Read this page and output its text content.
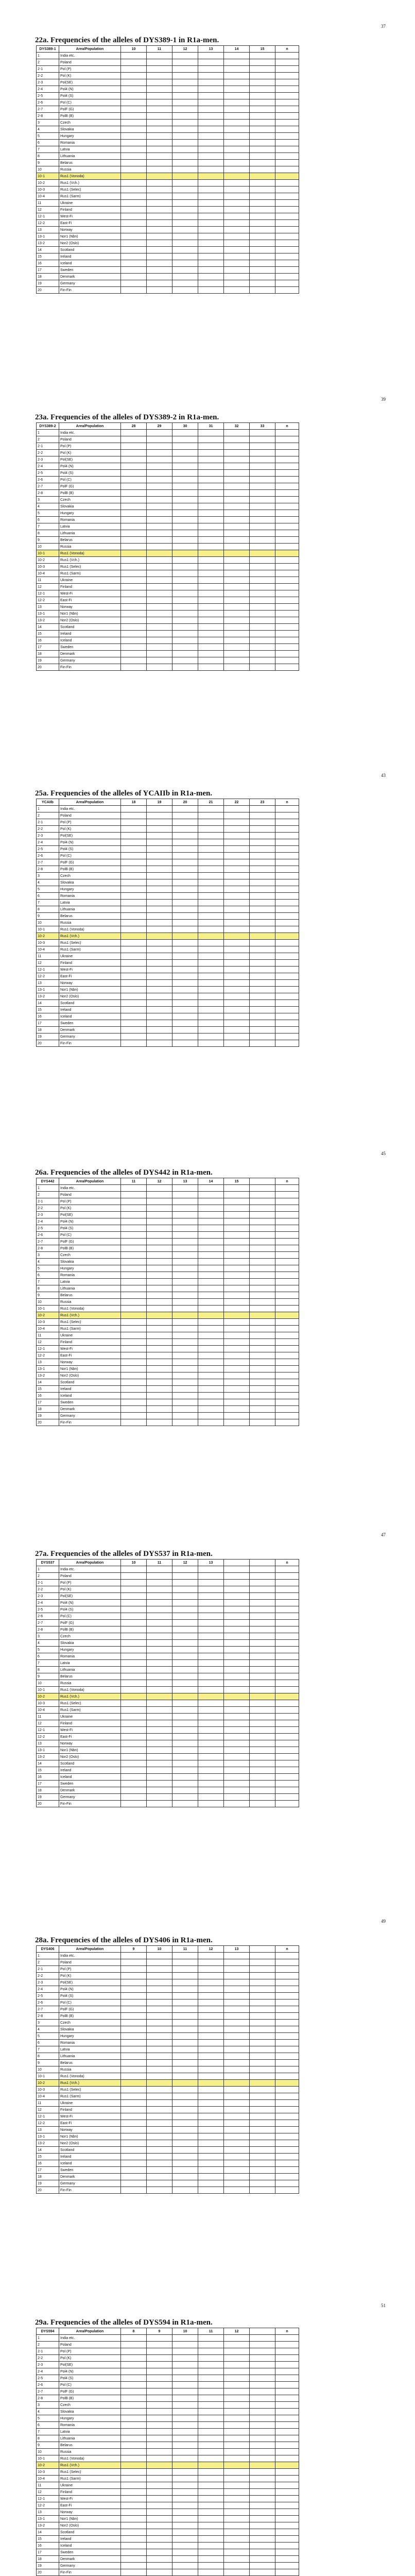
37
22a. Frequencies of the alleles of DYS389-1 in R1a-men.
DYS389-1	Area/Population	10	11	12	13	14	15	n
1	India etc.							
2	Poland							
2-1	Pol (P)							
2-2	Pol (K)							
2-3	Pol(SE)							
2-4	Pol4 (N)							
2-5	Pol4 (S)							
2-6	Pol (C)							
2-7	PolF (G)							
2-8	PolB (B)							
3	Czech							
4	Slovakia							
5	Hungary							
6	Romania							
7	Latvia							
8	Lithuania							
9	Belarus							
10	Russia							
10-1	Rus1 (Vonoda)							
10-2	Rus1 (Vch.)							
10-3	Rus1 (Selec)							
10-4	Rus1 (Sarm)							
11	Ukraine							
12	Finland							
12-1	West-Fi							
12-2	East-Fi							
13	Norway							
13-1	Nor1 (Nbn)							
13-2	Nor2 (Oslo)							
14	Scotland							
15	Ireland							
16	Iceland							
17	Sweden							
18	Denmark							
19	Germany							
20	Fin-Fin							
39
23a. Frequencies of the alleles of DYS389-2 in R1a-men.
DYS389-2	Area/Population	28	29	30	31	32	33	n
1	India etc.							
2	Poland							
2-1	Pol (P)							
2-2	Pol (K)							
2-3	Pol(SE)							
2-4	Pol4 (N)							
2-5	Pol4 (S)							
2-6	Pol (C)							
2-7	PolF (G)							
2-8	PolB (B)							
3	Czech							
4	Slovakia							
5	Hungary							
6	Romania							
7	Latvia							
8	Lithuania							
9	Belarus							
10	Russia							
10-1	Rus1 (Vonoda)							
10-2	Rus1 (Vch.)							
10-3	Rus1 (Selec)							
10-4	Rus1 (Sarm)							
11	Ukraine							
12	Finland							
12-1	West-Fi							
12-2	East-Fi							
13	Norway							
13-1	Nor1 (Nbn)							
13-2	Nor2 (Oslo)							
14	Scotland							
15	Ireland							
16	Iceland							
17	Sweden							
18	Denmark							
19	Germany							
20	Fin-Fin							
43
25a. Frequencies of the alleles of YCAIIb in R1a-men.
YCAIIb	Area/Population	18	19	20	21	22	23	n
1	India etc.							
2	Poland							
2-1	Pol (P)							
2-2	Pol (K)							
2-3	Pol(SE)							
2-4	Pol4 (N)							
2-5	Pol4 (S)							
2-6	Pol (C)							
2-7	PolF (G)							
2-8	PolB (B)							
3	Czech							
4	Slovakia							
5	Hungary							
6	Romania							
7	Latvia							
8	Lithuania							
9	Belarus							
10	Russia							
10-1	Rus1 (Vonoda)							
10-2	Rus1 (Vch.)							
10-3	Rus1 (Selec)							
10-4	Rus1 (Sarm)							
11	Ukraine							
12	Finland							
12-1	West-Fi							
12-2	East-Fi							
13	Norway							
13-1	Nor1 (Nbn)							
13-2	Nor2 (Oslo)							
14	Scotland							
15	Ireland							
16	Iceland							
17	Sweden							
18	Denmark							
19	Germany							
20	Fin-Fin							
45
26a. Frequencies of the alleles of DYS442 in R1a-men.
DYS442	Area/Population	11	12	13	14	15		n
1	India etc.							
2	Poland							
2-1	Pol (P)							
2-2	Pol (K)							
2-3	Pol(SE)							
2-4	Pol4 (N)							
2-5	Pol4 (S)							
2-6	Pol (C)							
2-7	PolF (G)							
2-8	PolB (B)							
3	Czech							
4	Slovakia							
5	Hungary							
6	Romania							
7	Latvia							
8	Lithuania							
9	Belarus							
10	Russia							
10-1	Rus1 (Vonoda)							
10-2	Rus1 (Vch.)							
10-3	Rus1 (Selec)							
10-4	Rus1 (Sarm)							
11	Ukraine							
12	Finland							
12-1	West-Fi							
12-2	East-Fi							
13	Norway							
13-1	Nor1 (Nbn)							
13-2	Nor2 (Oslo)							
14	Scotland							
15	Ireland							
16	Iceland							
17	Sweden							
18	Denmark							
19	Germany							
20	Fin-Fin							
47
27a. Frequencies of the alleles of DYS537 in R1a-men.
DYS537	Area/Population	10	11	12	13			n
1	India etc.							
2	Poland							
2-1	Pol (P)							
2-2	Pol (K)							
2-3	Pol(SE)							
2-4	Pol4 (N)							
2-5	Pol4 (S)							
2-6	Pol (C)							
2-7	PolF (G)							
2-8	PolB (B)							
3	Czech							
4	Slovakia							
5	Hungary							
6	Romania							
7	Latvia							
8	Lithuania							
9	Belarus							
10	Russia							
10-1	Rus1 (Vonoda)							
10-2	Rus1 (Vch.)							
10-3	Rus1 (Selec)							
10-4	Rus1 (Sarm)							
11	Ukraine							
12	Finland							
12-1	West-Fi							
12-2	East-Fi							
13	Norway							
13-1	Nor1 (Nbn)							
13-2	Nor2 (Oslo)							
14	Scotland							
15	Ireland							
16	Iceland							
17	Sweden							
18	Denmark							
19	Germany							
20	Fin-Fin							
49
28a. Frequencies of the alleles of DYS406 in R1a-men.
DYS406	Area/Population	9	10	11	12	13		n
1	India etc.							
2	Poland							
2-1	Pol (P)							
2-2	Pol (K)							
2-3	Pol(SE)							
2-4	Pol4 (N)							
2-5	Pol4 (S)							
2-6	Pol (C)							
2-7	PolF (G)							
2-8	PolB (B)							
3	Czech							
4	Slovakia							
5	Hungary							
6	Romania							
7	Latvia							
8	Lithuania							
9	Belarus							
10	Russia							
10-1	Rus1 (Vonoda)							
10-2	Rus1 (Vch.)							
10-3	Rus1 (Selec)							
10-4	Rus1 (Sarm)							
11	Ukraine							
12	Finland							
12-1	West-Fi							
12-2	East-Fi							
13	Norway							
13-1	Nor1 (Nbn)							
13-2	Nor2 (Oslo)							
14	Scotland							
15	Ireland							
16	Iceland							
17	Sweden							
18	Denmark							
19	Germany							
20	Fin-Fin							
51
29a. Frequencies of the alleles of DYS594 in R1a-men.
DYS594	Area/Population	8	9	10	11	12		n
1	India etc.							
2	Poland							
2-1	Pol (P)							
2-2	Pol (K)							
2-3	Pol(SE)							
2-4	Pol4 (N)							
2-5	Pol4 (S)							
2-6	Pol (C)							
2-7	PolF (G)							
2-8	PolB (B)							
3	Czech							
4	Slovakia							
5	Hungary							
6	Romania							
7	Latvia							
8	Lithuania							
9	Belarus							
10	Russia							
10-1	Rus1 (Vonoda)							
10-2	Rus1 (Vch.)							
10-3	Rus1 (Selec)							
10-4	Rus1 (Sarm)							
11	Ukraine							
12	Finland							
12-1	West-Fi							
12-2	East-Fi							
13	Norway							
13-1	Nor1 (Nbn)							
13-2	Nor2 (Oslo)							
14	Scotland							
15	Ireland							
16	Iceland							
17	Sweden							
18	Denmark							
19	Germany							
20	Fin-Fin							
